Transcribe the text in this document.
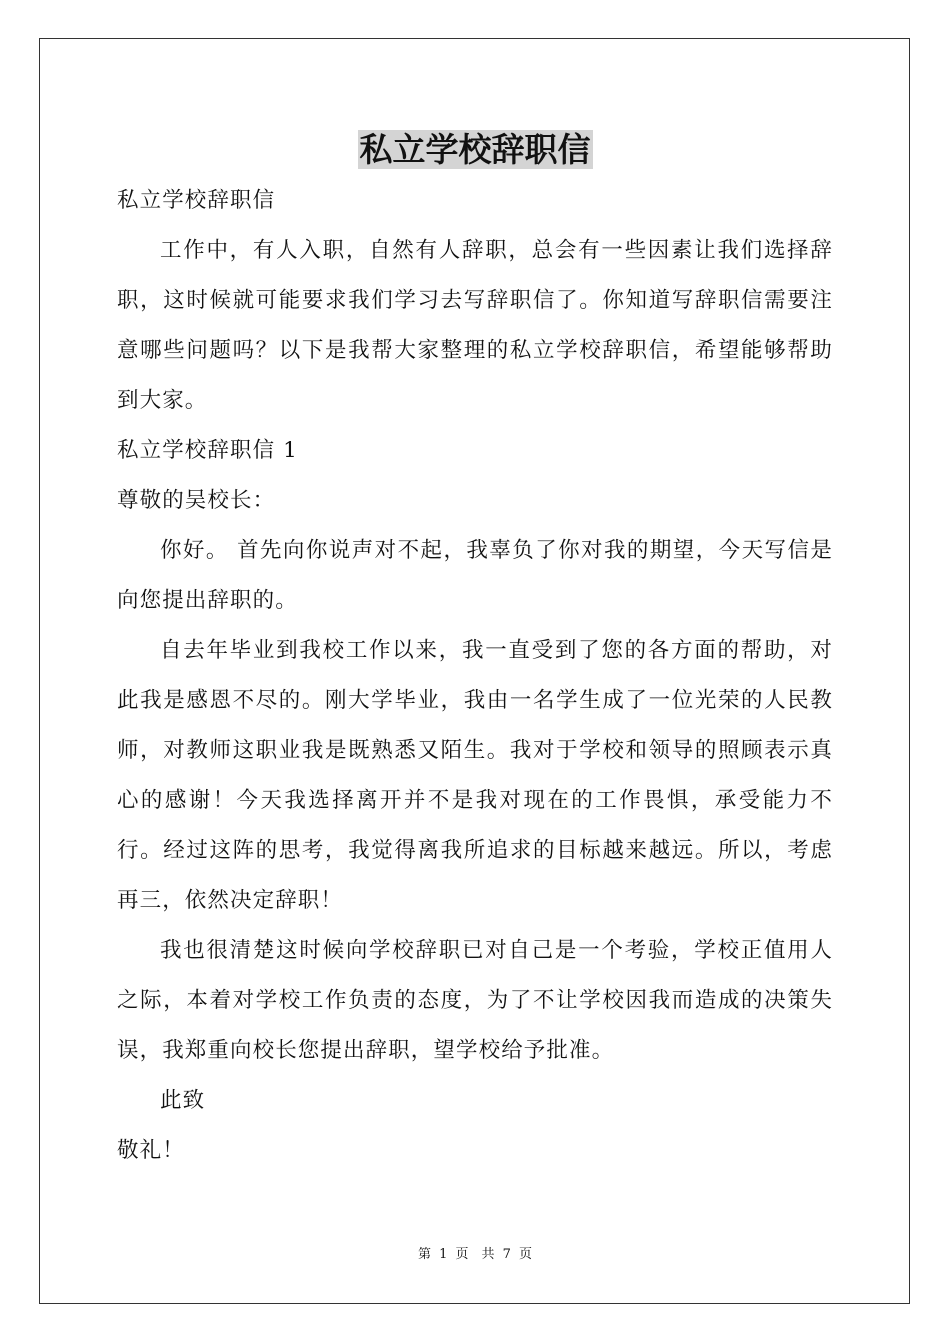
私立学校辞职信

私立学校辞职信

工作中，有人入职，自然有人辞职，总会有一些因素让我们选择辞职，这时候就可能要求我们学习去写辞职信了。你知道写辞职信需要注意哪些问题吗？以下是我帮大家整理的私立学校辞职信，希望能够帮助到大家。

私立学校辞职信 1

尊敬的吴校长：

你好。 首先向你说声对不起，我辜负了你对我的期望，今天写信是向您提出辞职的。

自去年毕业到我校工作以来，我一直受到了您的各方面的帮助，对此我是感恩不尽的。刚大学毕业，我由一名学生成了一位光荣的人民教师，对教师这职业我是既熟悉又陌生。我对于学校和领导的照顾表示真心的感谢！今天我选择离开并不是我对现在的工作畏惧，承受能力不行。经过这阵的思考，我觉得离我所追求的目标越来越远。所以，考虑再三，依然决定辞职！

我也很清楚这时候向学校辞职已对自己是一个考验，学校正值用人之际，本着对学校工作负责的态度，为了不让学校因我而造成的决策失误，我郑重向校长您提出辞职，望学校给予批准。

此致

敬礼！

第 1 页　共 7 页
